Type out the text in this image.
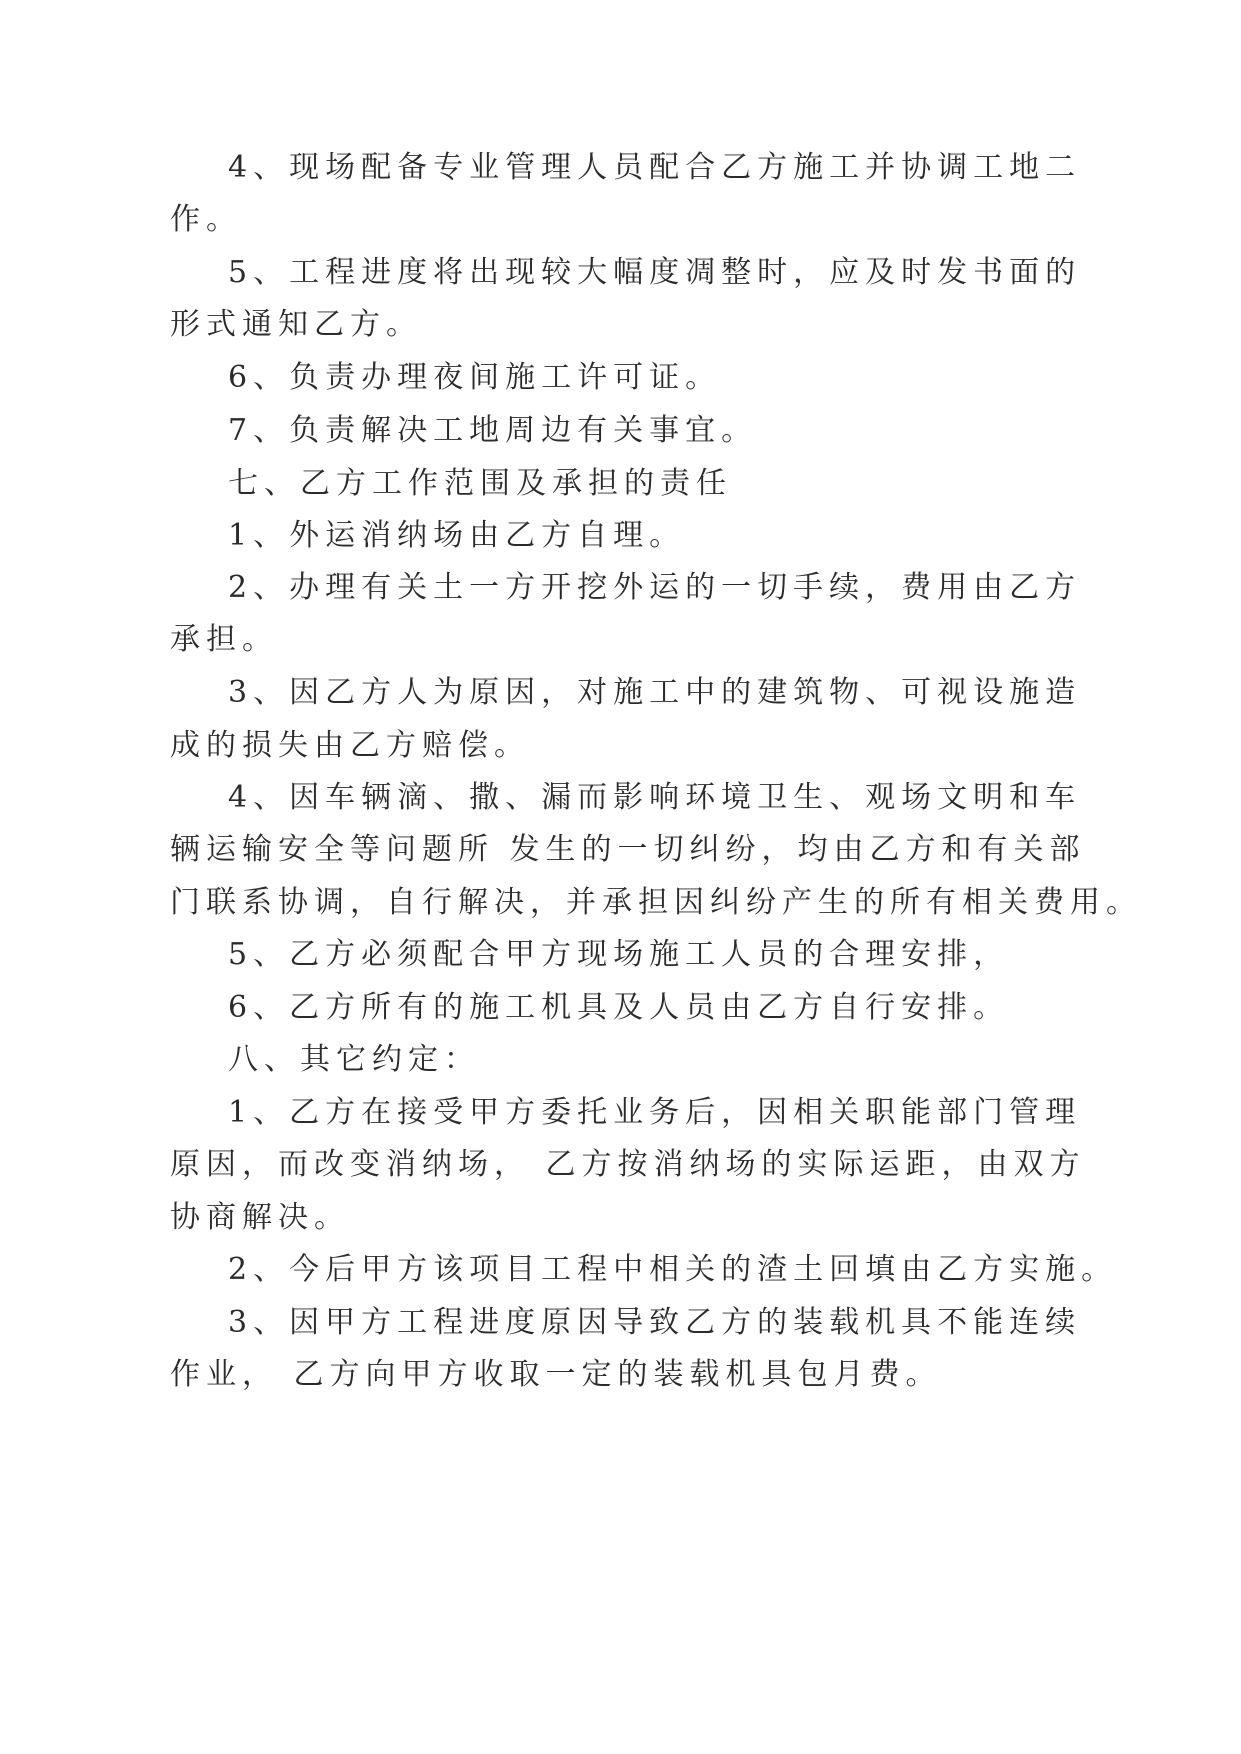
4、现场配备专业管理人员配合乙方施工并协调工地二

作。

5、工程进度将出现较大幅度凋整时，应及时发书面的

形式通知乙方。

6、负责办理夜间施工许可证。

7、负责解决工地周边有关事宜。

七、乙方工作范围及承担的责任

1、外运消纳场由乙方自理。

2、办理有关土一方开挖外运的一切手续，费用由乙方

承担。

3、因乙方人为原因，对施工中的建筑物、可视设施造

成的损失由乙方赔偿。

4、因车辆滴、撒、漏而影响环境卫生、观场文明和车

辆运输安全等问题所 发生的一切纠纷，均由乙方和有关部

门联系协调，自行解决，并承担因纠纷产生的所有相关费用。

5、乙方必须配合甲方现场施工人员的合理安排，

6、乙方所有的施工机具及人员由乙方自行安排。

八、其它约定：

1、乙方在接受甲方委托业务后，因相关职能部门管理

原因，而改变消纳场， 乙方按消纳场的实际运距，由双方

协商解决。

2、今后甲方该项目工程中相关的渣土回填由乙方实施。

3、因甲方工程进度原因导致乙方的装载机具不能连续

作业， 乙方向甲方收取一定的装载机具包月费。
